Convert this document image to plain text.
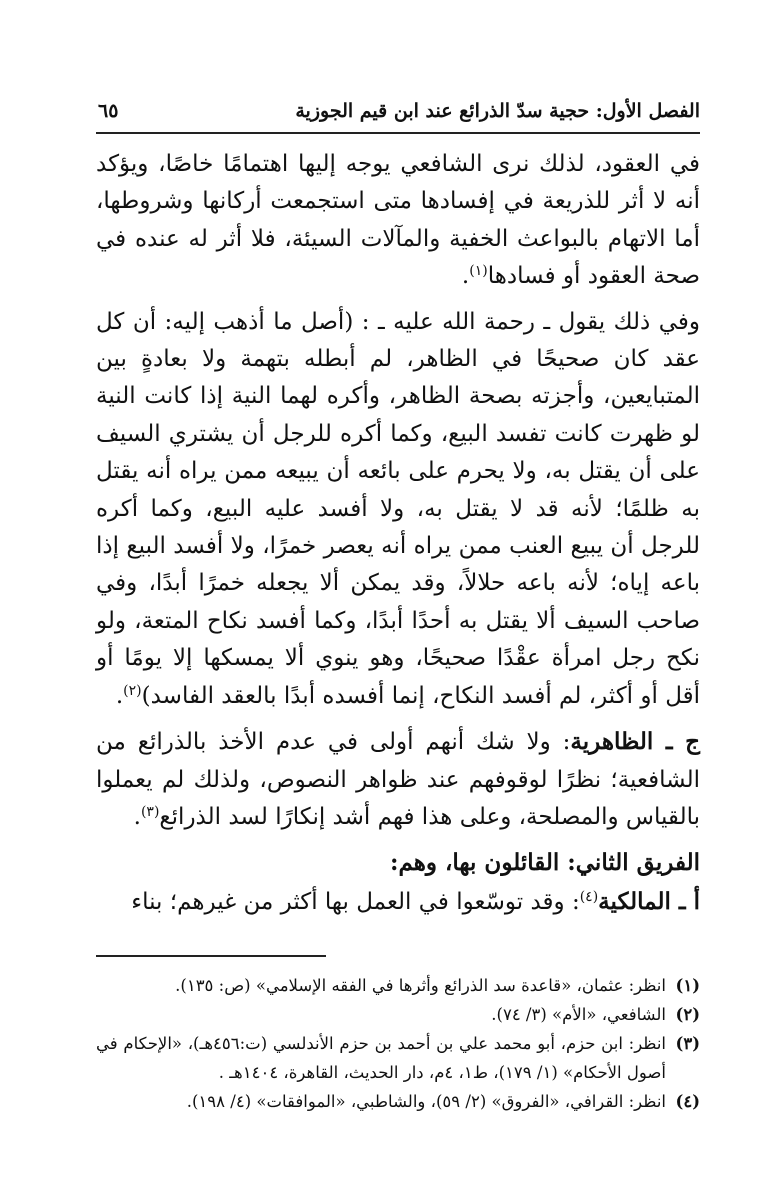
الفصل الأول: حجية سدّ الذرائع عند ابن قيم الجوزية
٦٥

في العقود، لذلك نرى الشافعي يوجه إليها اهتمامًا خاصًا، ويؤكد أنه لا أثر للذريعة في إفسادها متى استجمعت أركانها وشروطها، أما الاتهام بالبواعث الخفية والمآلات السيئة، فلا أثر له عنده في صحة العقود أو فسادها$^{(١)}$.

وفي ذلك يقول ـ رحمة الله عليه ـ : (أصل ما أذهب إليه: أن كل عقد كان صحيحًا في الظاهر، لم أبطله بتهمة ولا بعادةٍ بين المتبايعين، وأجزته بصحة الظاهر، وأكره لهما النية إذا كانت النية لو ظهرت كانت تفسد البيع، وكما أكره للرجل أن يشتري السيف على أن يقتل به، ولا يحرم على بائعه أن يبيعه ممن يراه أنه يقتل به ظلمًا؛ لأنه قد لا يقتل به، ولا أفسد عليه البيع، وكما أكره للرجل أن يبيع العنب ممن يراه أنه يعصر خمرًا، ولا أفسد البيع إذا باعه إياه؛ لأنه باعه حلالاً، وقد يمكن ألا يجعله خمرًا أبدًا، وفي صاحب السيف ألا يقتل به أحدًا أبدًا، وكما أفسد نكاح المتعة، ولو نكح رجل امرأة عقْدًا صحيحًا، وهو ينوي ألا يمسكها إلا يومًا أو أقل أو أكثر، لم أفسد النكاح، إنما أفسده أبدًا بالعقد الفاسد)$^{(٢)}$.

ج ـ الظاهرية: ولا شك أنهم أولى في عدم الأخذ بالذرائع من الشافعية؛ نظرًا لوقوفهم عند ظواهر النصوص، ولذلك لم يعملوا بالقياس والمصلحة، وعلى هذا فهم أشد إنكارًا لسد الذرائع$^{(٣)}$.

الفريق الثاني: القائلون بها، وهم:

أ ـ المالكية$^{(٤)}$: وقد توسّعوا في العمل بها أكثر من غيرهم؛ بناء

(١)
انظر: عثمان، «قاعدة سد الذرائع وأثرها في الفقه الإسلامي» (ص: ١٣٥).
(٢)
الشافعي، «الأم» (٣/ ٧٤).
(٣)
انظر: ابن حزم، أبو محمد علي بن أحمد بن حزم الأندلسي (ت:٤٥٦هـ)، «الإحكام في أصول الأحكام» (١/ ١٧٩)، ط١، ٤م، دار الحديث، القاهرة، ١٤٠٤هـ .
(٤)
انظر: القرافي، «الفروق» (٢/ ٥٩)، والشاطبي، «الموافقات» (٤/ ١٩٨).
